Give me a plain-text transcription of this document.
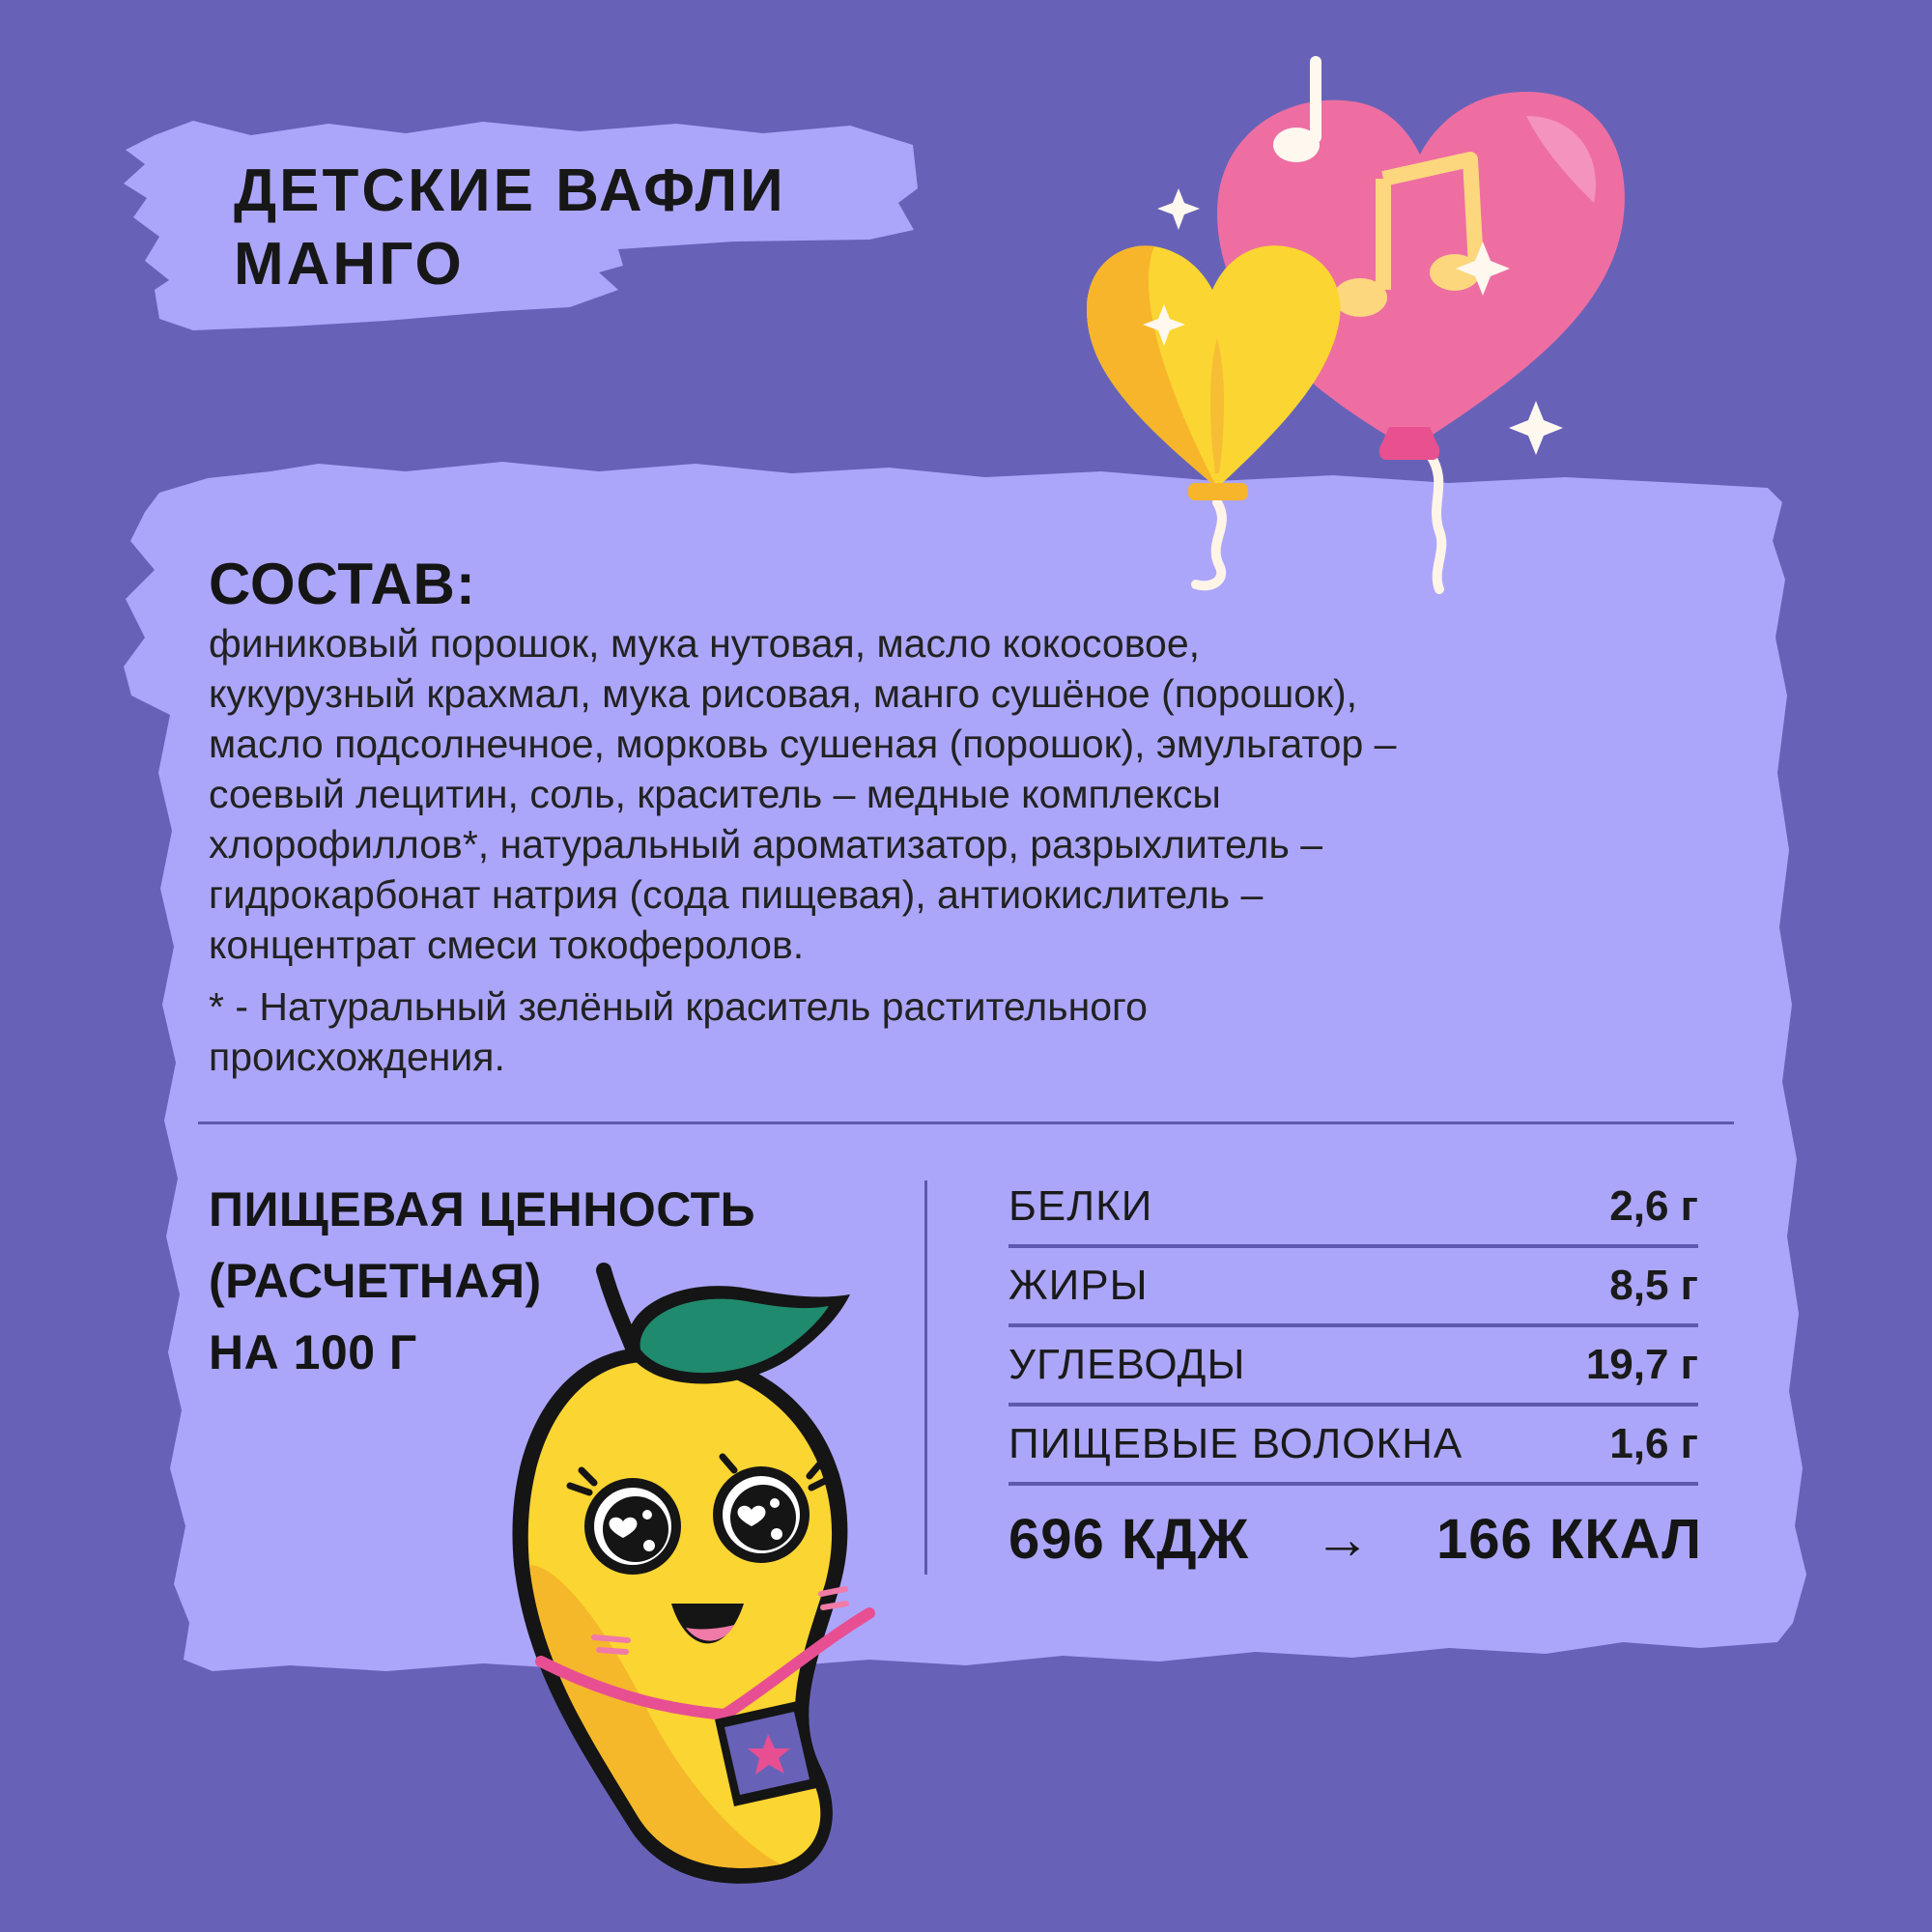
ДЕТСКИЕ ВАФЛИ
МАНГО
СОСТАВ:

финиковый порошок, мука нутовая, масло кокосовое,
кукурузный крахмал, мука рисовая, манго сушёное (порошок),
масло подсолнечное, морковь сушеная (порошок), эмульгатор –
соевый лецитин, соль, краситель – медные комплексы
хлорофиллов*, натуральный ароматизатор, разрыхлитель –
гидрокарбонат натрия (сода пищевая), антиокислитель –
концентрат смеси токоферолов.

* - Натуральный зелёный краситель растительного
происхождения.

ПИЩЕВАЯ ЦЕННОСТЬ
(РАСЧЕТНАЯ)
НА 100 Г
БЕЛКИ	2,6 г
ЖИРЫ	8,5 г
УГЛЕВОДЫ	19,7 г
ПИЩЕВЫЕ ВОЛОКНА	1,6 г
696 КДЖ → 166 ККАЛ
